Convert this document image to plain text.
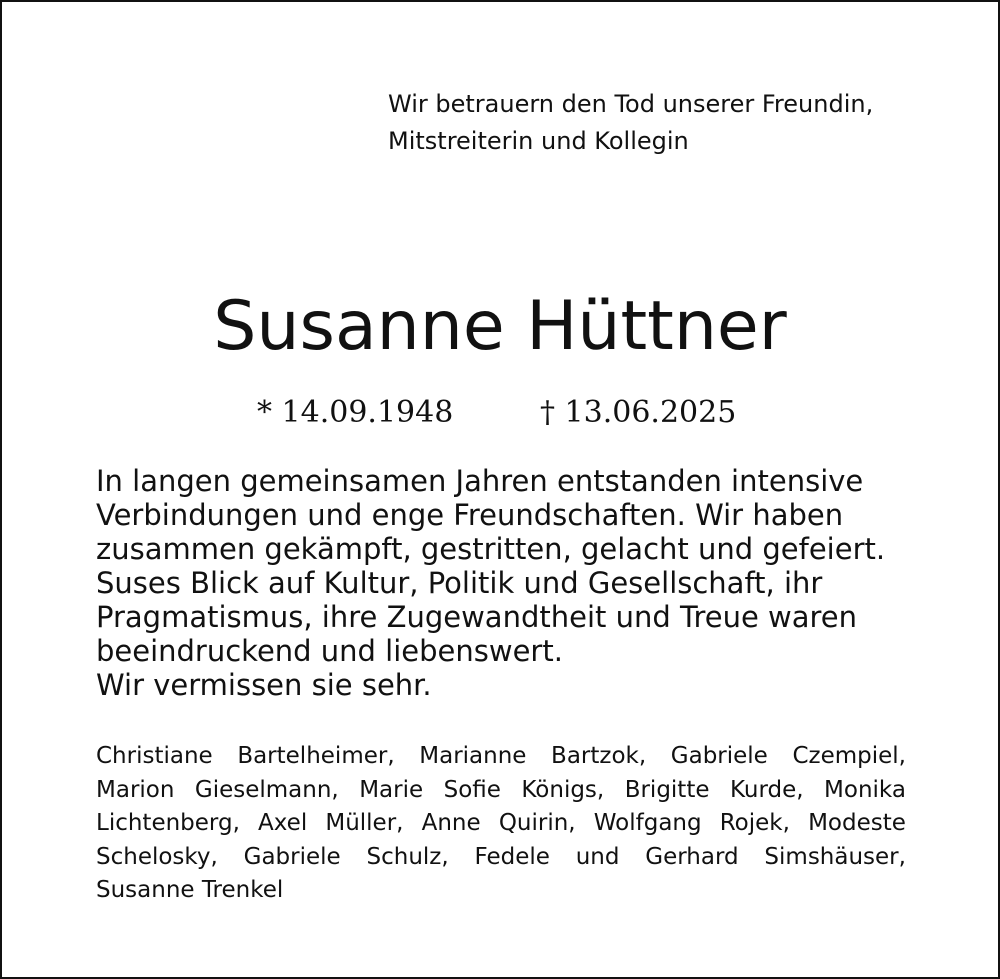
Wir betrauern den Tod unserer Freundin,
Mitstreiterin und Kollegin
Susanne Hüttner
* 14.09.1948	† 13.06.2025
In langen gemeinsamen Jahren entstanden intensive
Verbindungen und enge Freundschaften. Wir haben
zusammen gekämpft, gestritten, gelacht und gefeiert.
Suses Blick auf Kultur, Politik und Gesellschaft, ihr
Pragmatismus, ihre Zugewandtheit und Treue waren
beeindruckend und liebenswert.
Wir vermissen sie sehr.
Christiane Bartelheimer, Marianne Bartzok, Gabriele Czempiel,
Marion Gieselmann, Marie Sofie Königs, Brigitte Kurde, Monika
Lichtenberg, Axel Müller, Anne Quirin, Wolfgang Rojek, Modeste
Schelosky, Gabriele Schulz, Fedele und Gerhard Simshäuser,
Susanne Trenkel
